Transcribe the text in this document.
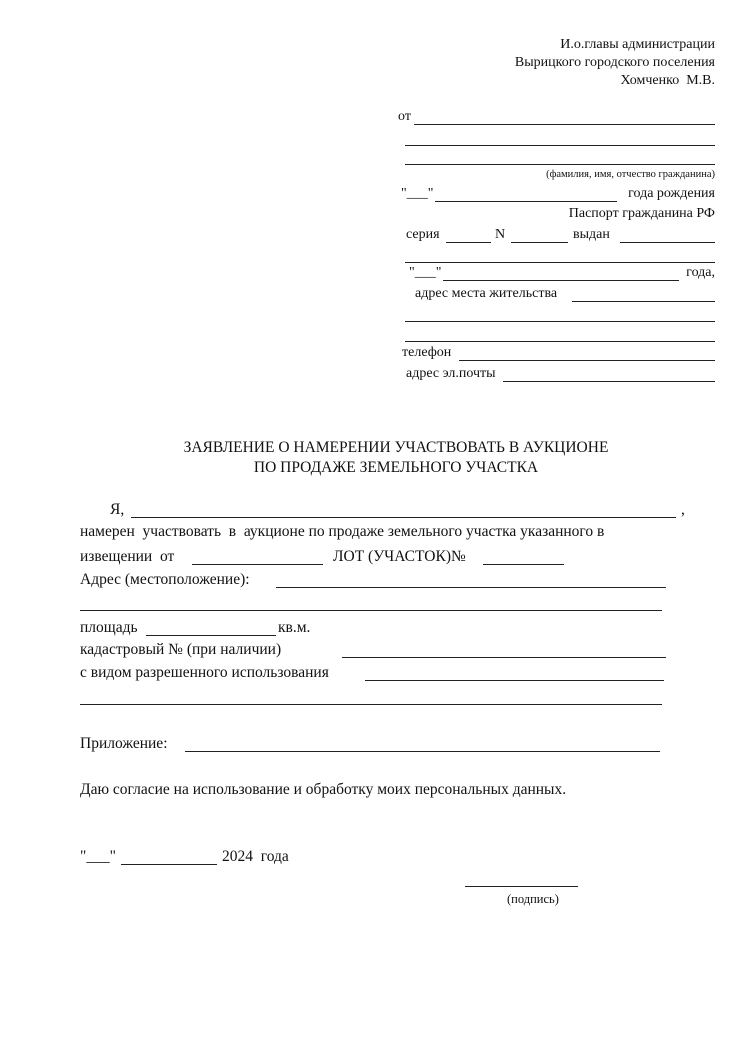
И.о.главы администрации
Вырицкого городского поселения
Хомченко  М.В.
от
(фамилия, имя, отчество гражданина)
"___"	года рождения
Паспорт гражданина РФ
серия	N	выдан
"___"	года,
адрес места жительства
телефон
адрес эл.почты
ЗАЯВЛЕНИЕ О НАМЕРЕНИИ УЧАСТВОВАТЬ В АУКЦИОНЕ
ПО ПРОДАЖЕ ЗЕМЕЛЬНОГО УЧАСТКА
Я,	,
намерен  участвовать  в  аукционе по продаже земельного участка указанного в
извещении  от	ЛОТ (УЧАСТОК)№
Адрес (местоположение):
площадь	кв.м.
кадастровый № (при наличии)
с видом разрешенного использования
Приложение:
Даю согласие на использование и обработку моих персональных данных.
"___"	2024  года
(подпись)
